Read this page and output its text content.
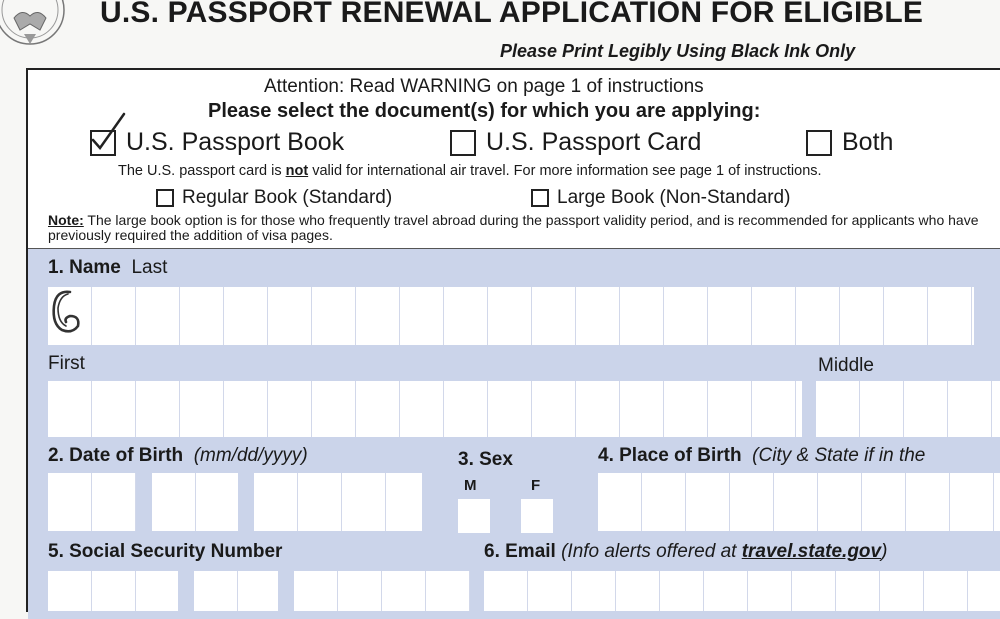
U.S. PASSPORT RENEWAL APPLICATION FOR ELIGIBLE
Please Print Legibly Using Black Ink Only
Attention: Read WARNING on page 1 of instructions
Please select the document(s) for which you are applying:
U.S. Passport Book	U.S. Passport Card	Both
The U.S. passport card is not valid for international air travel. For more information see page 1 of instructions.
Regular Book (Standard)	Large Book (Non-Standard)
Note: The large book option is for those who frequently travel abroad during the passport validity period, and is recommended for applicants who have previously required the addition of visa pages.
1. Name Last
First	Middle
2. Date of Birth (mm/dd/yyyy)	3. Sex	4. Place of Birth (City & State if in the
M	F
5. Social Security Number	6. Email (Info alerts offered at travel.state.gov)
G
